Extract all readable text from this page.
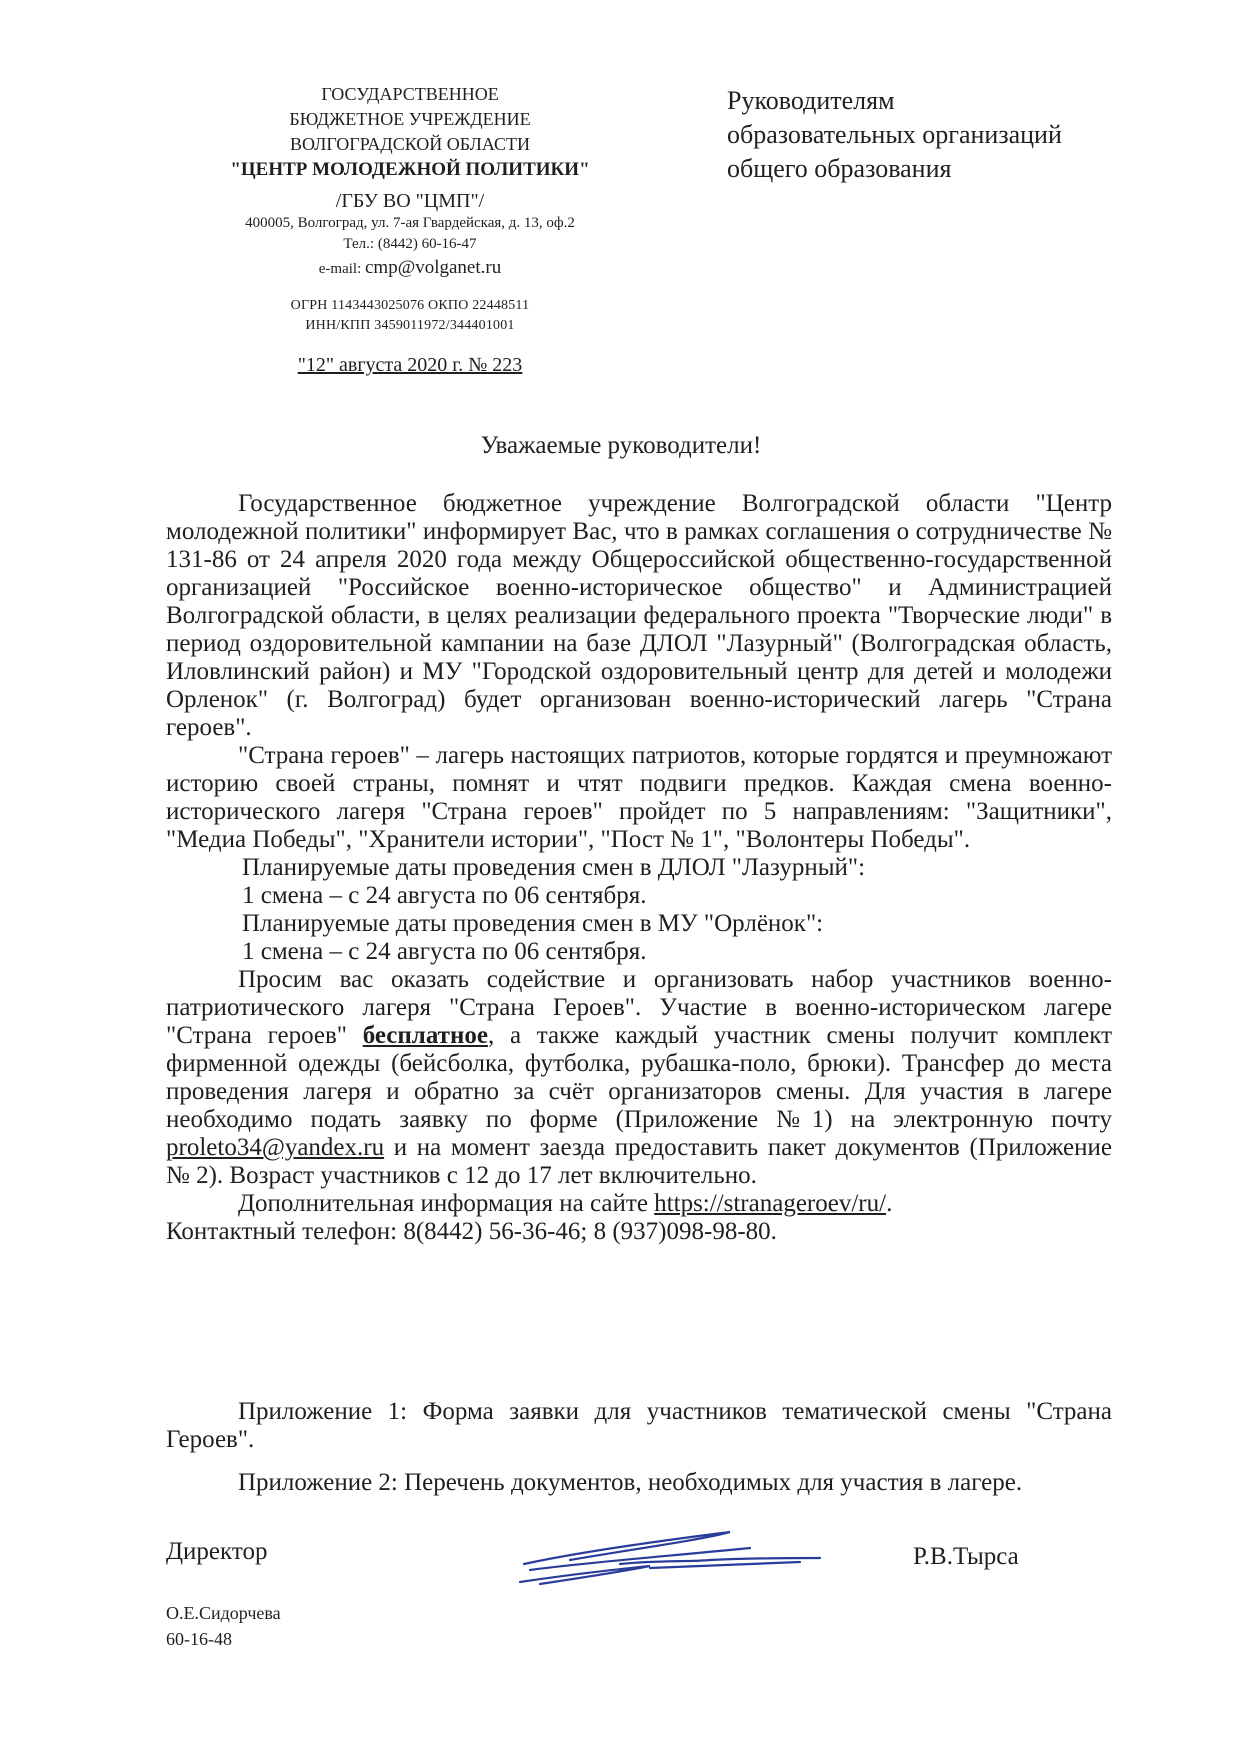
ГОСУДАРСТВЕННОЕ
БЮДЖЕТНОЕ УЧРЕЖДЕНИЕ
ВОЛГОГРАДСКОЙ ОБЛАСТИ
"ЦЕНТР МОЛОДЕЖНОЙ ПОЛИТИКИ"
/ГБУ ВО "ЦМП"/
400005, Волгоград, ул. 7-ая Гвардейская, д. 13, оф.2
Тел.: (8442) 60-16-47
e-mail: cmp@volganet.ru
ОГРН 1143443025076 ОКПО 22448511
ИНН/КПП 3459011972/344401001
"12" августа 2020 г. № 223
Руководителям
образовательных организаций
общего образования
Уважаемые руководители!

Государственное бюджетное учреждение Волгоградской области "Центр молодежной политики" информирует Вас, что в рамках соглашения о сотрудничестве № 131-86 от 24 апреля 2020 года между Общероссийской общественно-государственной организацией "Российское военно-историческое общество" и Администрацией Волгоградской области, в целях реализации федерального проекта "Творческие люди" в период оздоровительной кампании на базе ДЛОЛ "Лазурный" (Волгоградская область, Иловлинский район) и МУ "Городской оздоровительный центр для детей и молодежи Орленок" (г. Волгоград) будет организован военно-исторический лагерь "Страна героев".

"Страна героев" – лагерь настоящих патриотов, которые гордятся и преумножают историю своей страны, помнят и чтят подвиги предков. Каждая смена военно-исторического лагеря "Страна героев" пройдет по 5 направлениям: "Защитники", "Медиа Победы", "Хранители истории", "Пост № 1", "Волонтеры Победы".

Планируемые даты проведения смен в ДЛОЛ "Лазурный":

1 смена – с 24 августа по 06 сентября.

Планируемые даты проведения смен в МУ "Орлёнок":

1 смена – с 24 августа по 06 сентября.

Просим вас оказать содействие и организовать набор участников военно-патриотического лагеря "Страна Героев". Участие в военно-историческом лагере "Страна героев" бесплатное, а также каждый участник смены получит комплект фирменной одежды (бейсболка, футболка, рубашка-поло, брюки). Трансфер до места проведения лагеря и обратно за счёт организаторов смены. Для участия в лагере необходимо подать заявку по форме (Приложение №1) на электронную почту proleto34@yandex.ru и на момент заезда предоставить пакет документов (Приложение № 2). Возраст участников с 12 до 17 лет включительно.

Дополнительная информация на сайте https://stranageroev/ru/.

Контактный телефон: 8(8442) 56-36-46; 8 (937)098-98-80.

Приложение 1: Форма заявки для участников тематической смены "Страна Героев".

Приложение 2: Перечень документов, необходимых для участия в лагере.

Директор	Р.В.Тырса
О.Е.Сидорчева
60-16-48
